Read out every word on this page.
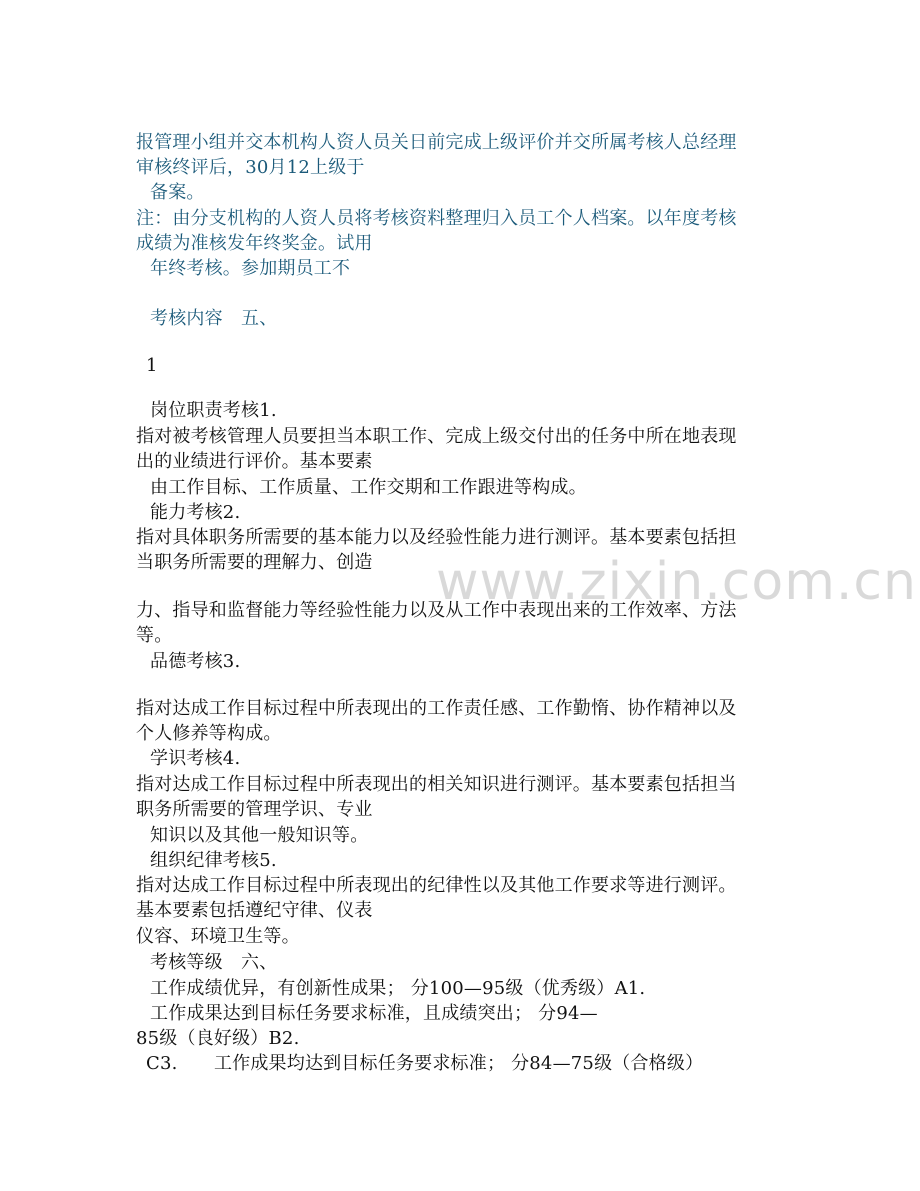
www.zixin.com.cn
报管理小组并交本机构人资人员关日前完成上级评价并交所属考核人总经理
审核终评后，30月12上级于
备案。
注：由分支机构的人资人员将考核资料整理归入员工个人档案。以年度考核
成绩为准核发年终奖金。试用
年终考核。参加期员工不
考核内容　五、
1
岗位职责考核1.
指对被考核管理人员要担当本职工作、完成上级交付出的任务中所在地表现
出的业绩进行评价。基本要素
由工作目标、工作质量、工作交期和工作跟进等构成。
能力考核2.
指对具体职务所需要的基本能力以及经验性能力进行测评。基本要素包括担
当职务所需要的理解力、创造
力、指导和监督能力等经验性能力以及从工作中表现出来的工作效率、方法
等。
品德考核3.
指对达成工作目标过程中所表现出的工作责任感、工作勤惰、协作精神以及
个人修养等构成。
学识考核4.
指对达成工作目标过程中所表现出的相关知识进行测评。基本要素包括担当
职务所需要的管理学识、专业
知识以及其他一般知识等。
组织纪律考核5.
指对达成工作目标过程中所表现出的纪律性以及其他工作要求等进行测评。
基本要素包括遵纪守律、仪表
仪容、环境卫生等。
考核等级　六、
工作成绩优异，有创新性成果； 分100—95级（优秀级）A1.
工作成果达到目标任务要求标准，且成绩突出； 分94—
85级（良好级）B2.
C3.　　工作成果均达到目标任务要求标准； 分84—75级（合格级）
